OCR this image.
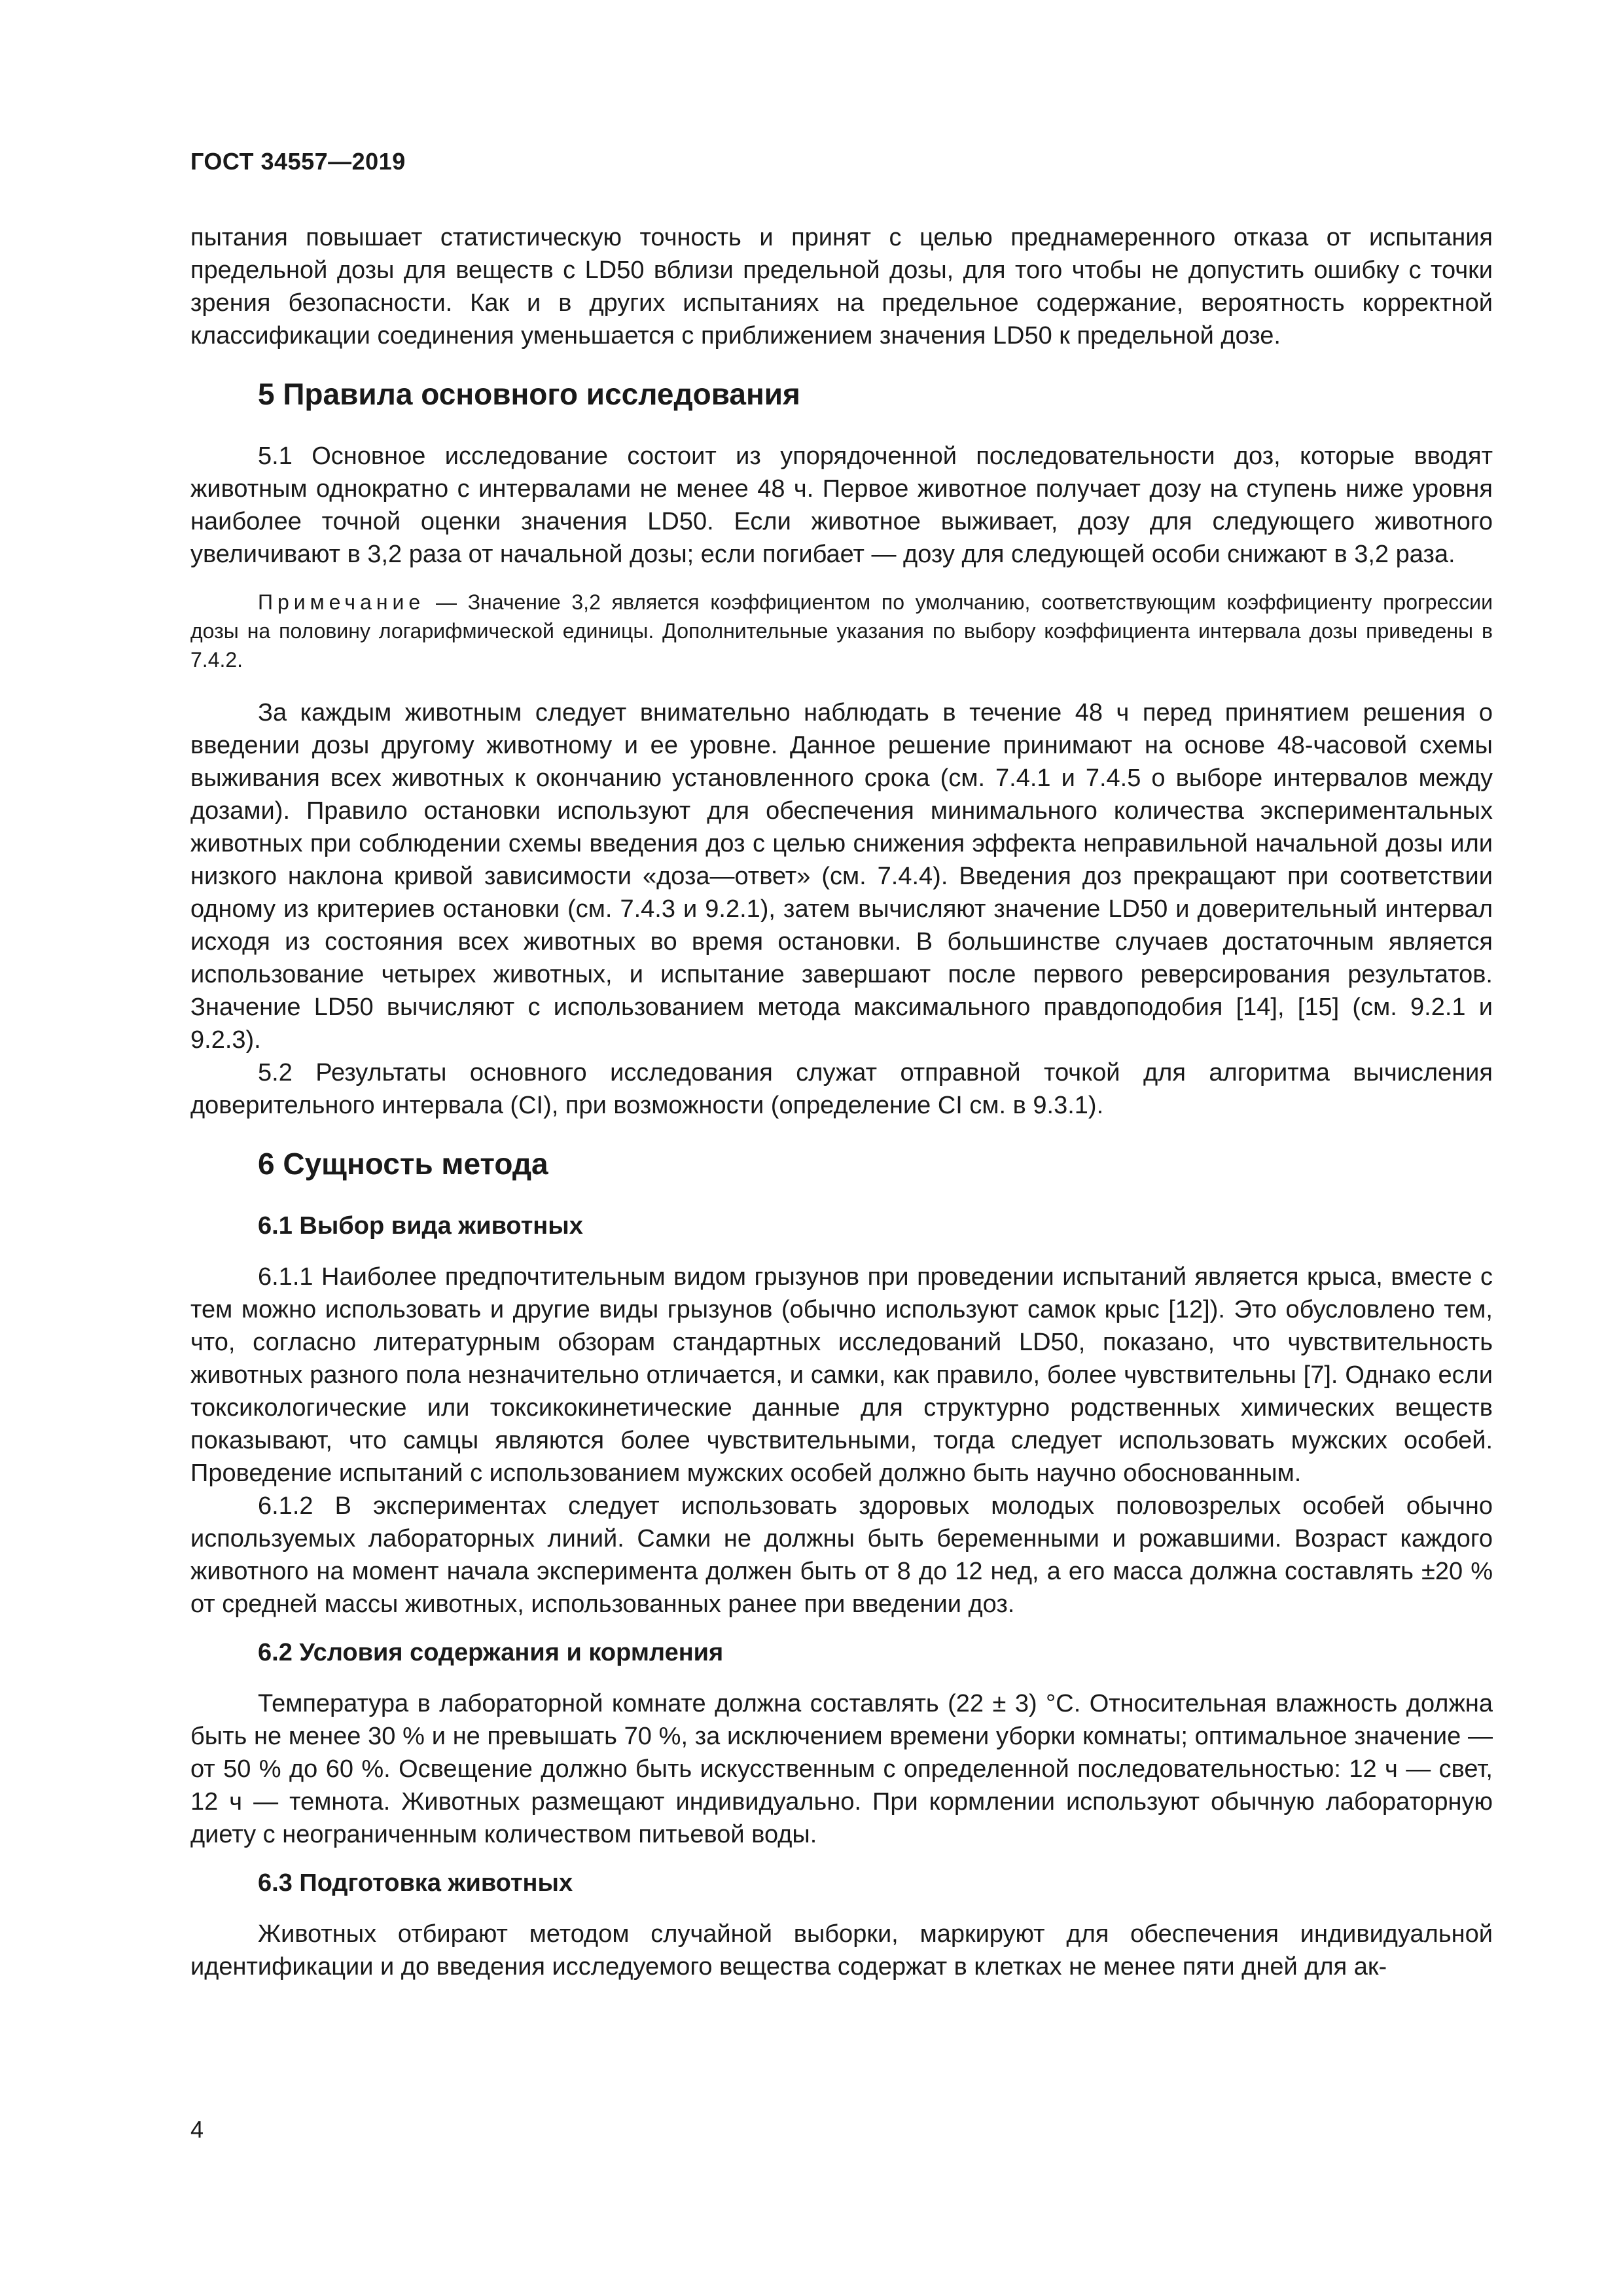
ГОСТ 34557—2019

пытания повышает статистическую точность и принят с целью преднамеренного отказа от испытания предельной дозы для веществ с LD50 вблизи предельной дозы, для того чтобы не допустить ошибку с точки зрения безопасности. Как и в других испытаниях на предельное содержание, вероятность корректной классификации соединения уменьшается с приближением значения LD50 к предельной дозе.

5 Правила основного исследования

5.1 Основное исследование состоит из упорядоченной последовательности доз, которые вводят животным однократно с интервалами не менее 48 ч. Первое животное получает дозу на ступень ниже уровня наиболее точной оценки значения LD50. Если животное выживает, дозу для следующего животного увеличивают в 3,2 раза от начальной дозы; если погибает — дозу для следующей особи снижают в 3,2 раза.

Примечание — Значение 3,2 является коэффициентом по умолчанию, соответствующим коэффициенту прогрессии дозы на половину логарифмической единицы. Дополнительные указания по выбору коэффициента интервала дозы приведены в 7.4.2.

За каждым животным следует внимательно наблюдать в течение 48 ч перед принятием решения о введении дозы другому животному и ее уровне. Данное решение принимают на основе 48-часовой схемы выживания всех животных к окончанию установленного срока (см. 7.4.1 и 7.4.5 о выборе интервалов между дозами). Правило остановки используют для обеспечения минимального количества экспериментальных животных при соблюдении схемы введения доз с целью снижения эффекта неправильной начальной дозы или низкого наклона кривой зависимости «доза—ответ» (см. 7.4.4). Введения доз прекращают при соответствии одному из критериев остановки (см. 7.4.3 и 9.2.1), затем вычисляют значение LD50 и доверительный интервал исходя из состояния всех животных во время остановки. В большинстве случаев достаточным является использование четырех животных, и испытание завершают после первого реверсирования результатов. Значение LD50 вычисляют с использованием метода максимального правдоподобия [14], [15] (см. 9.2.1 и 9.2.3).

5.2 Результаты основного исследования служат отправной точкой для алгоритма вычисления доверительного интервала (CI), при возможности (определение CI см. в 9.3.1).

6 Сущность метода
6.1 Выбор вида животных

6.1.1 Наиболее предпочтительным видом грызунов при проведении испытаний является крыса, вместе с тем можно использовать и другие виды грызунов (обычно используют самок крыс [12]). Это обусловлено тем, что, согласно литературным обзорам стандартных исследований LD50, показано, что чувствительность животных разного пола незначительно отличается, и самки, как правило, более чувствительны [7]. Однако если токсикологические или токсикокинетические данные для структурно родственных химических веществ показывают, что самцы являются более чувствительными, тогда следует использовать мужских особей. Проведение испытаний с использованием мужских особей должно быть научно обоснованным.

6.1.2 В экспериментах следует использовать здоровых молодых половозрелых особей обычно используемых лабораторных линий. Самки не должны быть беременными и рожавшими. Возраст каждого животного на момент начала эксперимента должен быть от 8 до 12 нед, а его масса должна составлять ±20 % от средней массы животных, использованных ранее при введении доз.

6.2 Условия содержания и кормления

Температура в лабораторной комнате должна составлять (22 ± 3) °С. Относительная влажность должна быть не менее 30 % и не превышать 70 %, за исключением времени уборки комнаты; оптимальное значение — от 50 % до 60 %. Освещение должно быть искусственным с определенной последовательностью: 12 ч — свет, 12 ч — темнота. Животных размещают индивидуально. При кормлении используют обычную лабораторную диету с неограниченным количеством питьевой воды.

6.3 Подготовка животных

Животных отбирают методом случайной выборки, маркируют для обеспечения индивидуальной идентификации и до введения исследуемого вещества содержат в клетках не менее пяти дней для ак-

4
